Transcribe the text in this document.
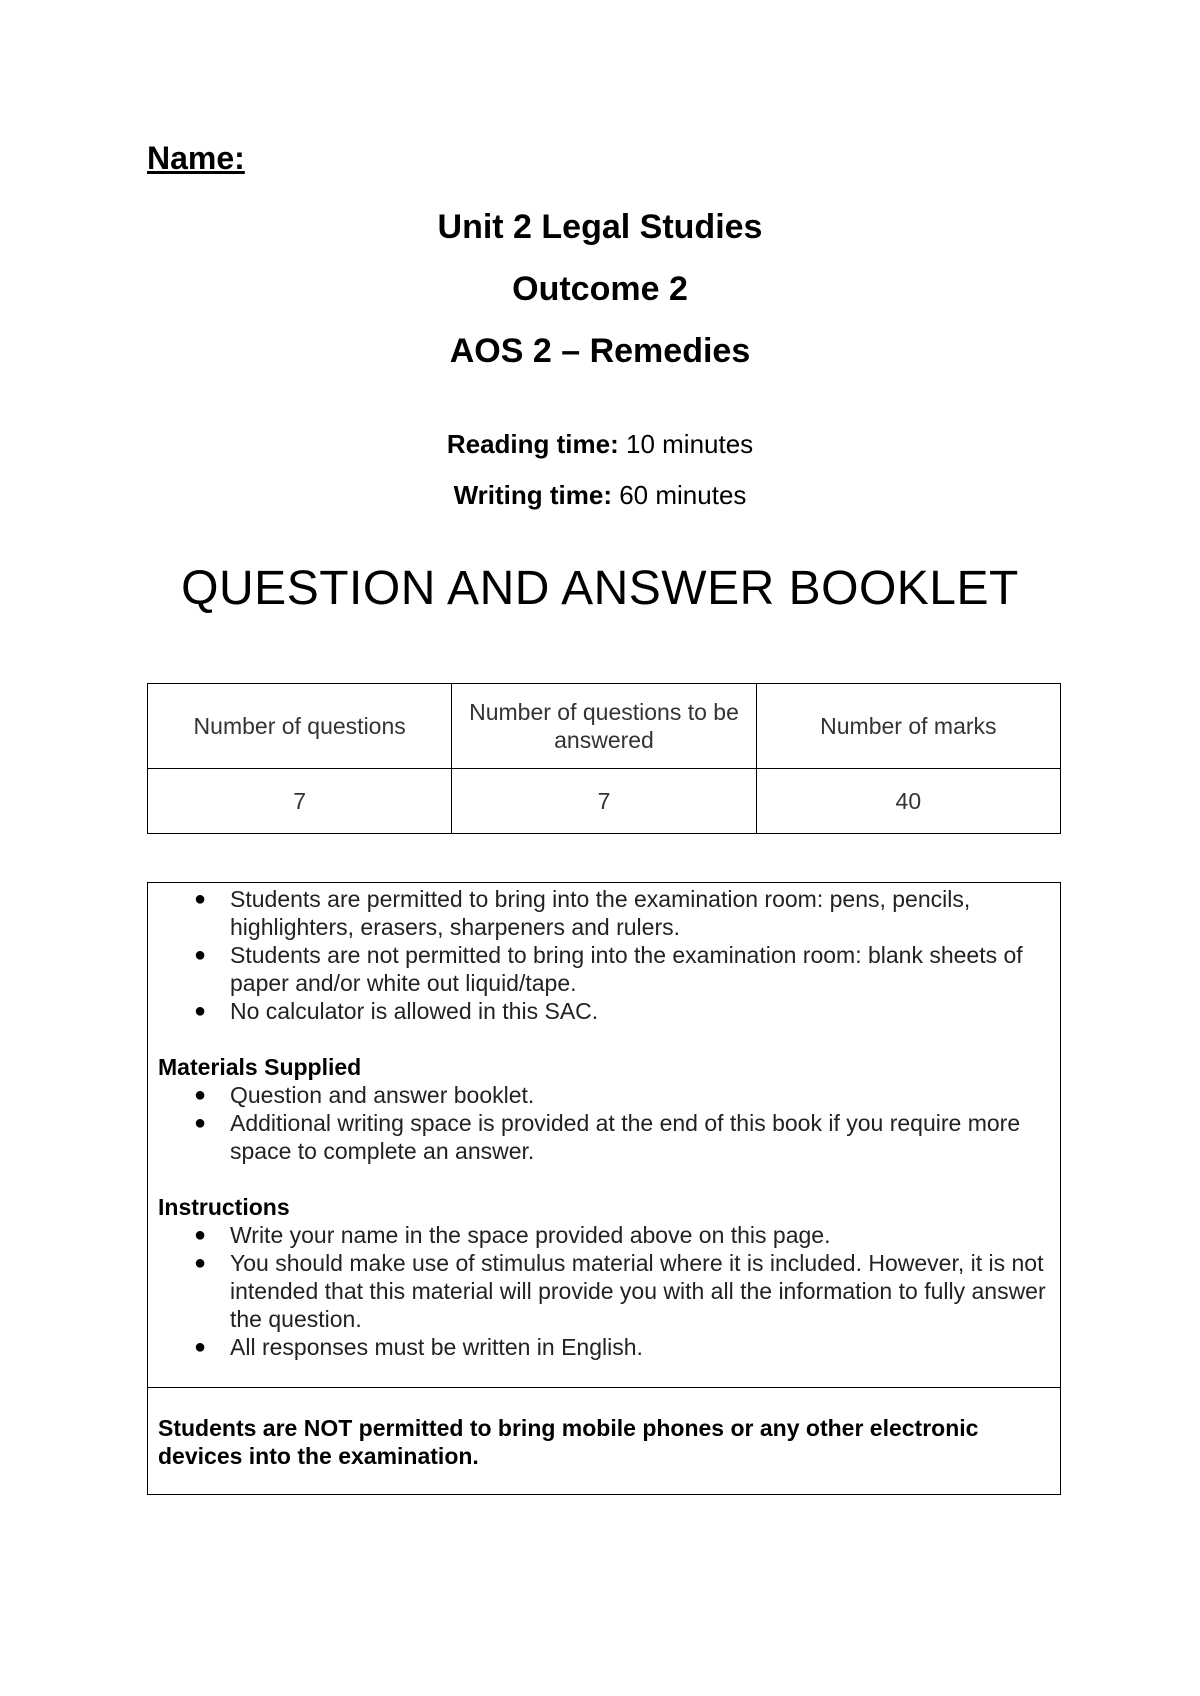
Name:
Unit 2 Legal Studies
Outcome 2
AOS 2 – Remedies
Reading time: 10 minutes
Writing time: 60 minutes
QUESTION AND ANSWER BOOKLET
Number of questions	Number of questions to be answered	Number of marks
7	7	40
● Students are permitted to bring into the examination room: pens, pencils, highlighters, erasers, sharpeners and rulers.
● Students are not permitted to bring into the examination room: blank sheets of paper and/or white out liquid/tape.
● No calculator is allowed in this SAC.
Materials Supplied
● Question and answer booklet.
● Additional writing space is provided at the end of this book if you require more space to complete an answer.
Instructions
● Write your name in the space provided above on this page.
● You should make use of stimulus material where it is included. However, it is not intended that this material will provide you with all the information to fully answer the question.
● All responses must be written in English.
Students are NOT permitted to bring mobile phones or any other electronic devices into the examination.
